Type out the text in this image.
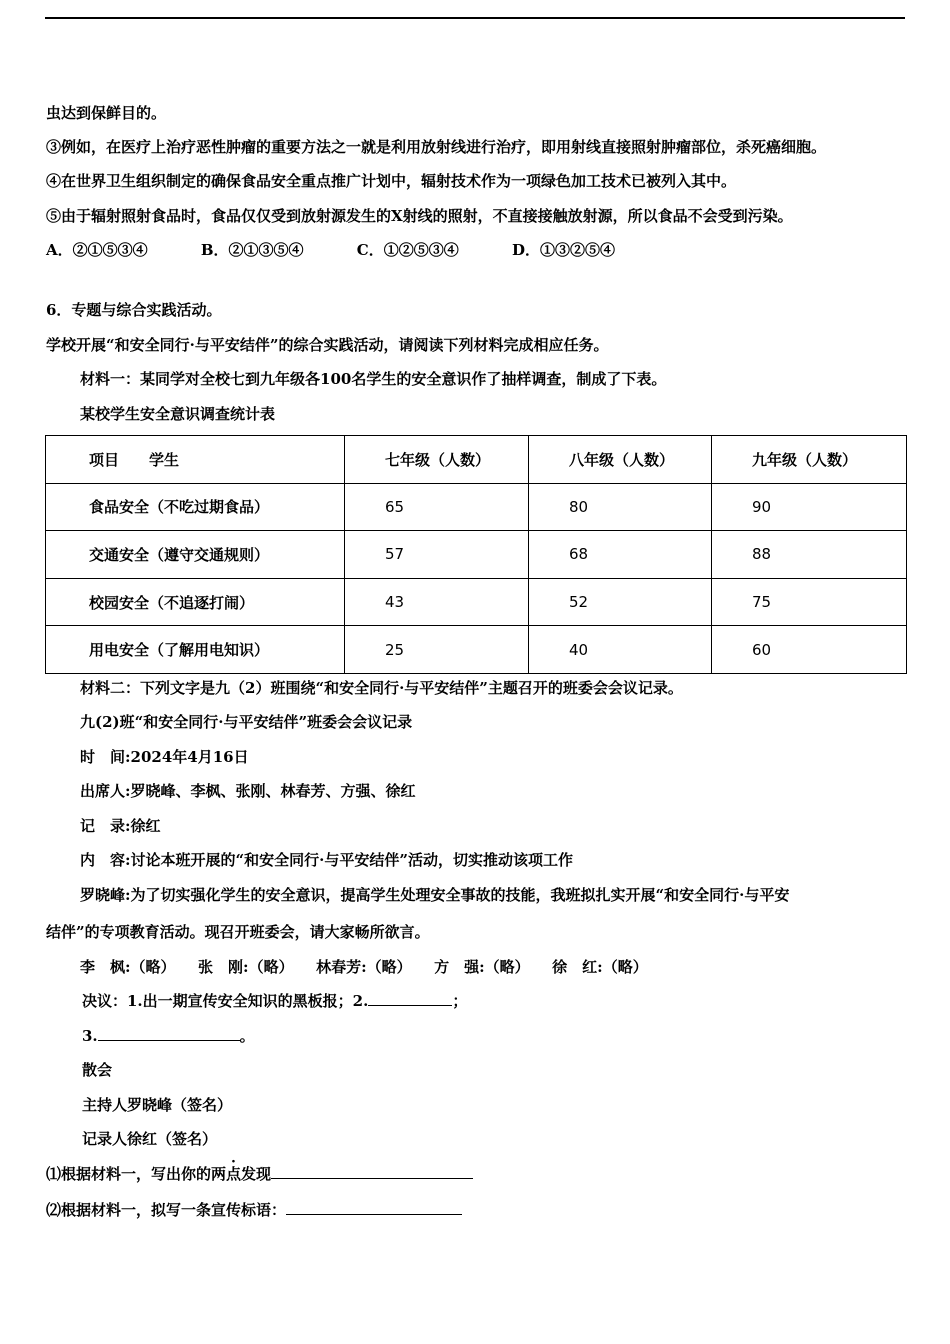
虫达到保鲜目的。
③例如，在医疗上治疗恶性肿瘤的重要方法之一就是利用放射线进行治疗，即用射线直接照射肿瘤部位，杀死癌细胞。
④在世界卫生组织制定的确保食品安全重点推广计划中，辐射技术作为一项绿色加工技术已被列入其中。
⑤由于辐射照射食品时，食品仅仅受到放射源发生的X射线的照射，不直接接触放射源，所以食品不会受到污染。
A．②①⑤③④	B．②①③⑤④	C．①②⑤③④	D．①③②⑤④
6．专题与综合实践活动。
学校开展“和安全同行·与平安结伴”的综合实践活动，请阅读下列材料完成相应任务。
材料一：某同学对全校七到九年级各100名学生的安全意识作了抽样调查，制成了下表。
某校学生安全意识调查统计表
项目　　学生	七年级（人数）	八年级（人数）	九年级（人数）
食品安全（不吃过期食品）	65	80	90
交通安全（遵守交通规则）	57	68	88
校园安全（不追逐打闹）	43	52	75
用电安全（了解用电知识）	25	40	60
材料二：下列文字是九（2）班围绕“和安全同行·与平安结伴”主题召开的班委会会议记录。
九(2)班“和安全同行·与平安结伴”班委会会议记录
时　间:2024年4月16日
出席人:罗晓峰、李枫、张刚、林春芳、方强、徐红
记　录:徐红
内　容:讨论本班开展的“和安全同行·与平安结伴”活动，切实推动该项工作
罗晓峰:为了切实强化学生的安全意识，提高学生处理安全事故的技能，我班拟扎实开展“和安全同行·与平安
结伴”的专项教育活动。现召开班委会，请大家畅所欲言。
李　枫:（略）　　张　刚:（略）　　林春芳:（略）　　方　强:（略）　　徐　红:（略）
决议：1.出一期宣传安全知识的黑板报；2.	；
3.	。
散会
主持人罗晓峰（签名）
记录人徐红（签名）
⑴根据材料一，写出你的两点发现
⑵根据材料一，拟写一条宣传标语：
